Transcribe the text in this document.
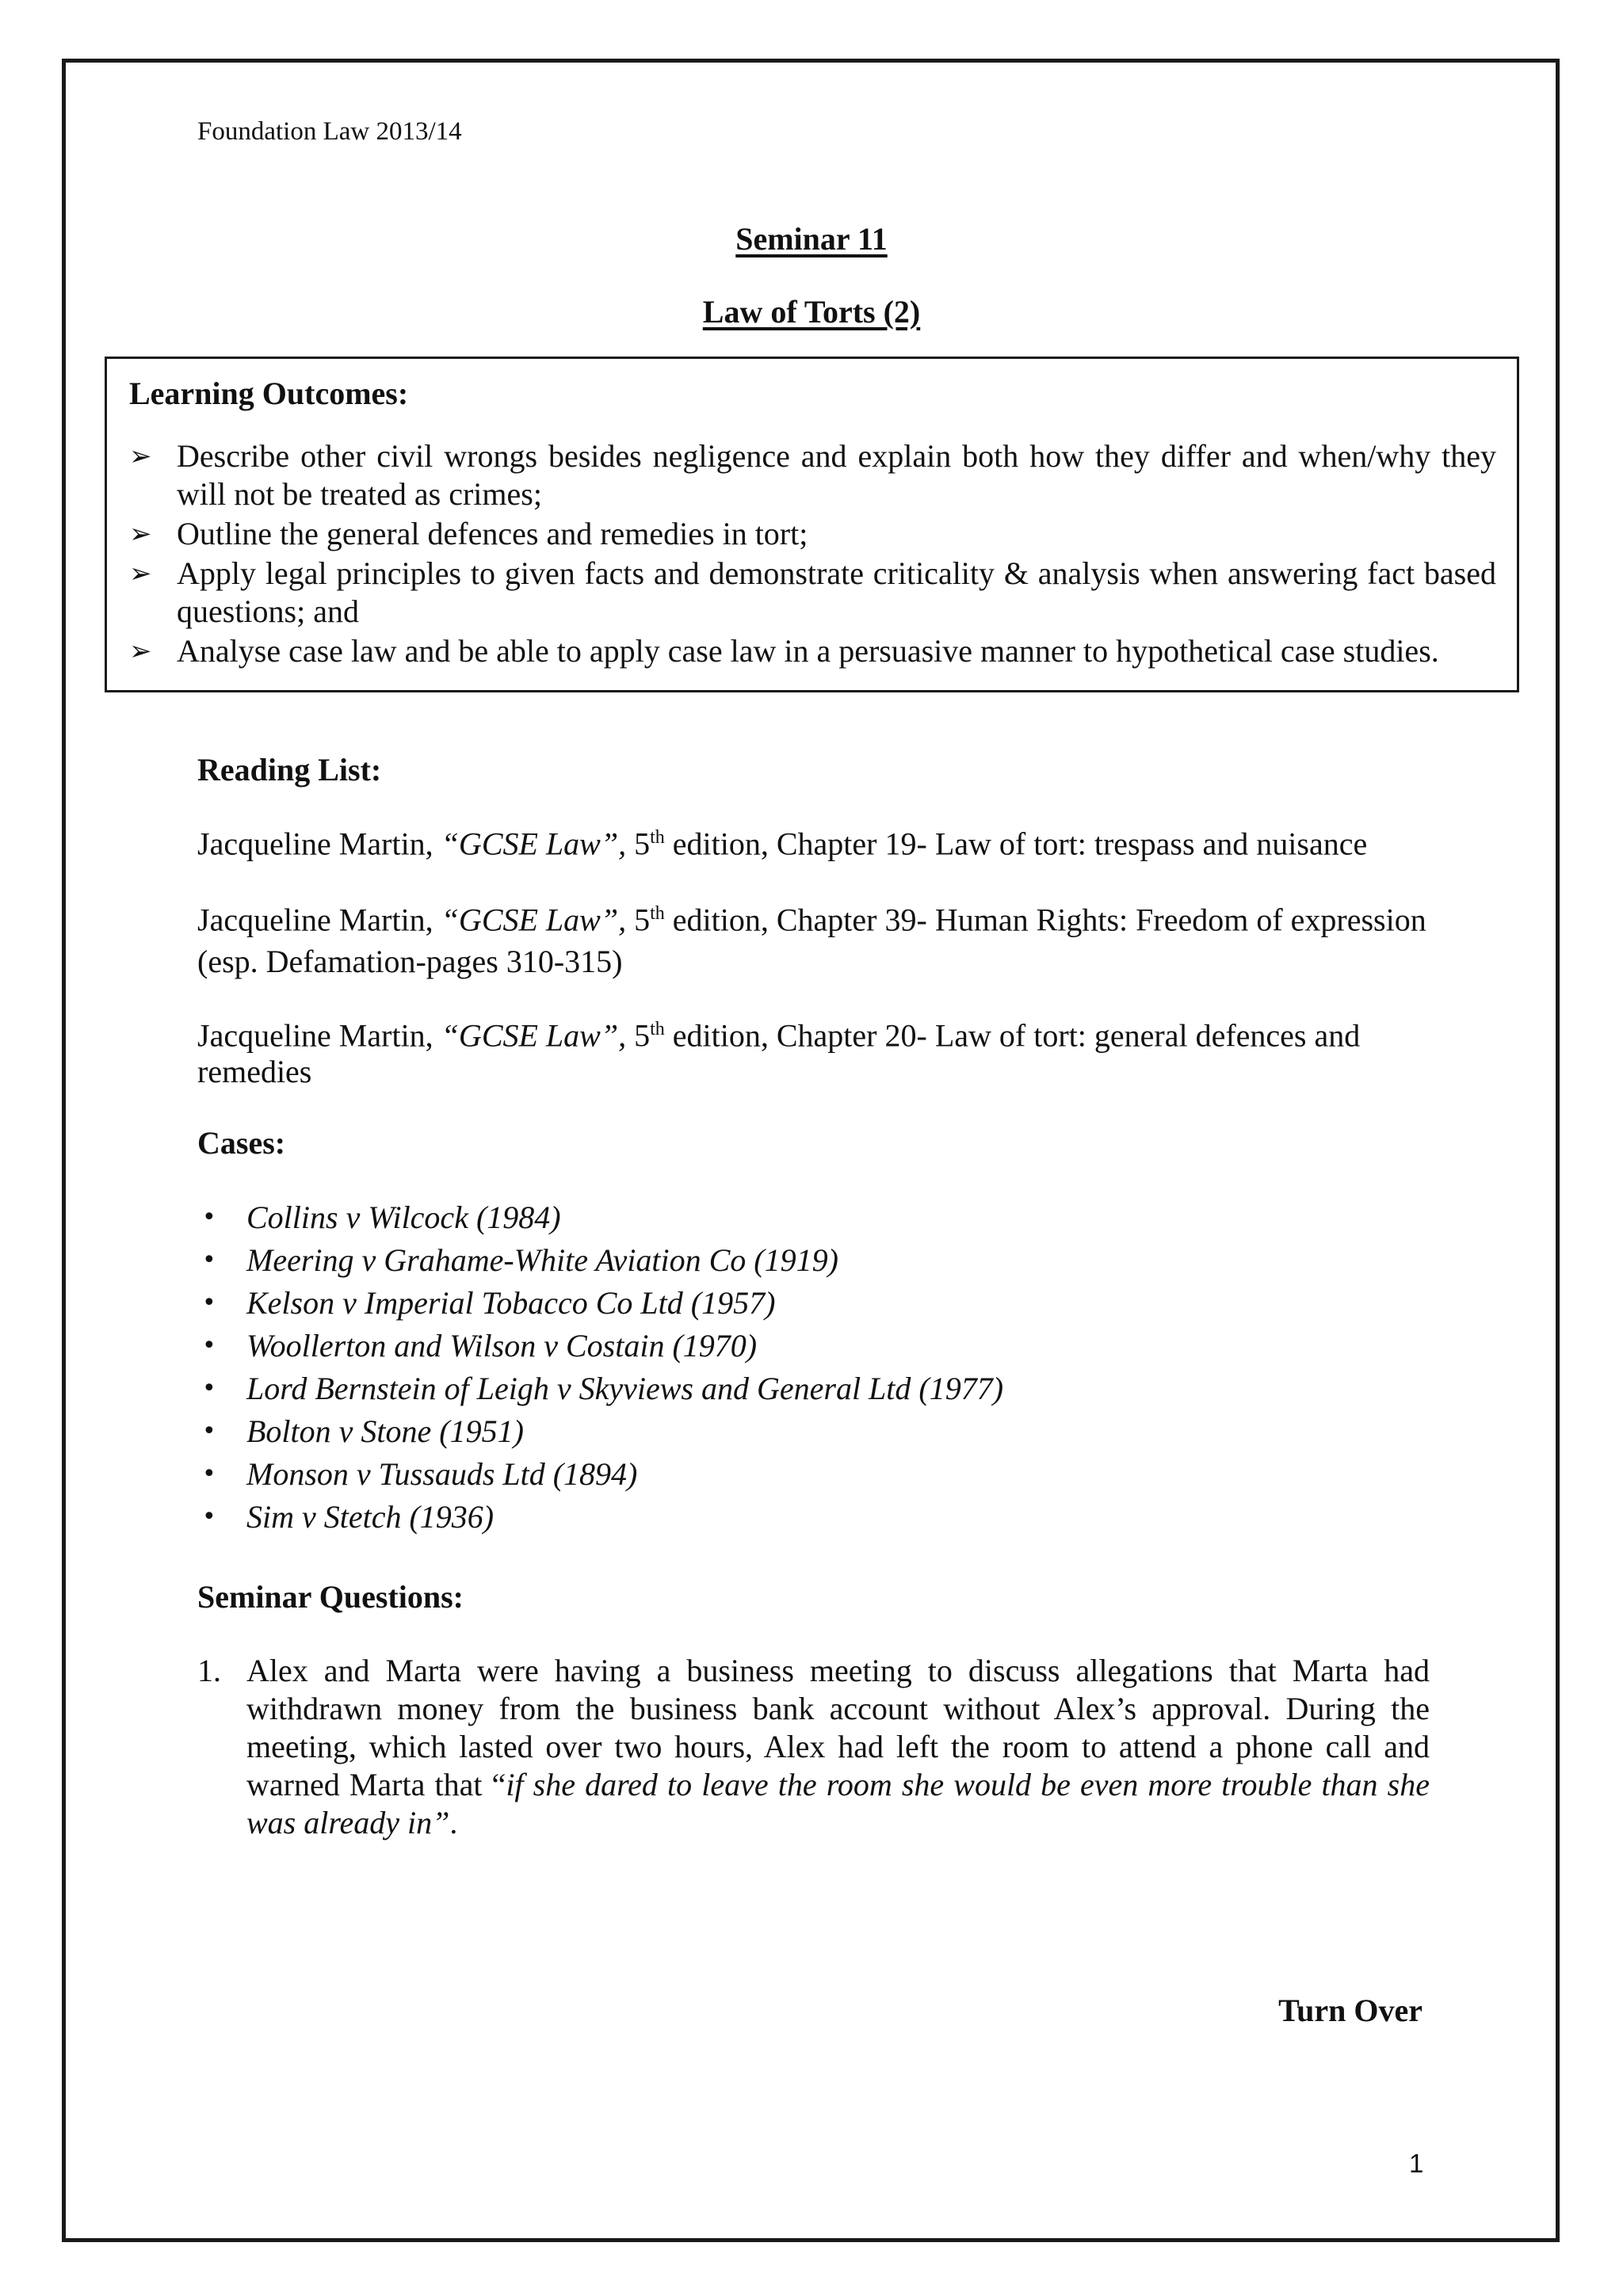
Foundation Law 2013/14
Seminar 11
Law of Torts (2)
Learning Outcomes:
➢ Describe other civil wrongs besides negligence and explain both how they differ and when/why they will not be treated as crimes;
➢ Outline the general defences and remedies in tort;
➢ Apply legal principles to given facts and demonstrate criticality & analysis when answering fact based questions; and
➢ Analyse case law and be able to apply case law in a persuasive manner to hypothetical case studies.
Reading List:
Jacqueline Martin, “GCSE Law”, 5th edition, Chapter 19- Law of tort: trespass and nuisance
Jacqueline Martin, “GCSE Law”, 5th edition, Chapter 39- Human Rights: Freedom of expression (esp. Defamation-pages 310-315)
Jacqueline Martin, “GCSE Law”, 5th edition, Chapter 20- Law of tort: general defences and remedies
Cases:
• Collins v Wilcock (1984)
• Meering v Grahame-White Aviation Co (1919)
• Kelson v Imperial Tobacco Co Ltd (1957)
• Woollerton and Wilson v Costain (1970)
• Lord Bernstein of Leigh v Skyviews and General Ltd (1977)
• Bolton v Stone (1951)
• Monson v Tussauds Ltd (1894)
• Sim v Stetch (1936)
Seminar Questions:
1. Alex and Marta were having a business meeting to discuss allegations that Marta had withdrawn money from the business bank account without Alex’s approval. During the meeting, which lasted over two hours, Alex had left the room to attend a phone call and warned Marta that “if she dared to leave the room she would be even more trouble than she was already in”.
Turn Over
1
